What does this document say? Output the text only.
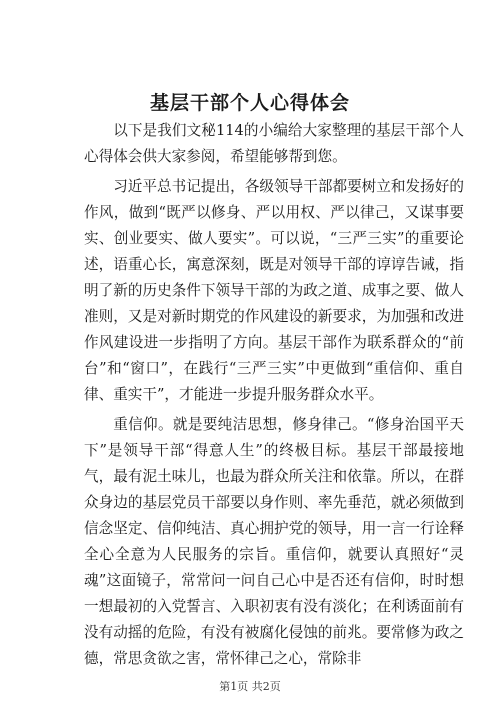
基层干部个人心得体会

以下是我们文秘114的小编给大家整理的基层干部个人心得体会供大家参阅，希望能够帮到您。

习近平总书记提出，各级领导干部都要树立和发扬好的作风，做到“既严以修身、严以用权、严以律己，又谋事要实、创业要实、做人要实”。可以说，“三严三实”的重要论述，语重心长，寓意深刻，既是对领导干部的谆谆告诫，指明了新的历史条件下领导干部的为政之道、成事之要、做人准则，又是对新时期党的作风建设的新要求，为加强和改进作风建设进一步指明了方向。基层干部作为联系群众的“前台”和“窗口”，在践行“三严三实”中更做到“重信仰、重自律、重实干”，才能进一步提升服务群众水平。

重信仰。就是要纯洁思想，修身律己。“修身治国平天下”是领导干部“得意人生”的终极目标。基层干部最接地气，最有泥土味儿，也最为群众所关注和依靠。所以，在群众身边的基层党员干部要以身作则、率先垂范，就必须做到信念坚定、信仰纯洁、真心拥护党的领导，用一言一行诠释全心全意为人民服务的宗旨。重信仰，就要认真照好“灵魂”这面镜子，常常问一问自己心中是否还有信仰，时时想一想最初的入党誓言、入职初衷有没有淡化；在利诱面前有没有动摇的危险，有没有被腐化侵蚀的前兆。要常修为政之德，常思贪欲之害，常怀律己之心，常除非

第1页 共2页
